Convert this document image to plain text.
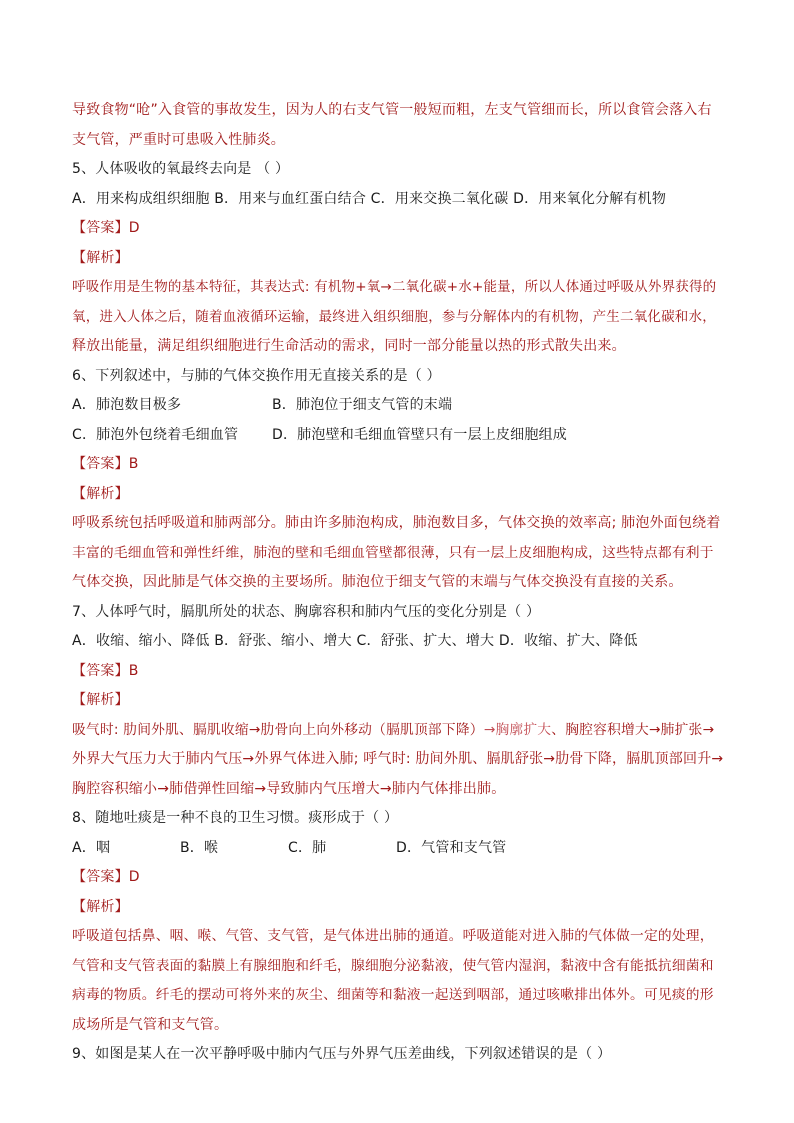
导致食物“呛”入食管的事故发生，因为人的右支气管一般短而粗，左支气管细而长，所以食管会落入右
支气管，严重时可患吸入性肺炎。
5、人体吸收的氧最终去向是 （ ）
A．用来构成组织细胞 B．用来与血红蛋白结合 C．用来交换二氧化碳 D．用来氧化分解有机物
【答案】D
【解析】
呼吸作用是生物的基本特征，其表达式: 有机物+氧→二氧化碳+水+能量，所以人体通过呼吸从外界获得的
氧，进入人体之后，随着血液循环运输，最终进入组织细胞，参与分解体内的有机物，产生二氧化碳和水，
释放出能量，满足组织细胞进行生命活动的需求，同时一部分能量以热的形式散失出来。
6、下列叙述中，与肺的气体交换作用无直接关系的是（ ）
A．肺泡数目极多	B．肺泡位于细支气管的末端
C．肺泡外包绕着毛细血管	D．肺泡壁和毛细血管壁只有一层上皮细胞组成
【答案】B
【解析】
呼吸系统包括呼吸道和肺两部分。肺由许多肺泡构成，肺泡数目多，气体交换的效率高; 肺泡外面包绕着
丰富的毛细血管和弹性纤维，肺泡的壁和毛细血管壁都很薄，只有一层上皮细胞构成，这些特点都有利于
气体交换，因此肺是气体交换的主要场所。肺泡位于细支气管的末端与气体交换没有直接的关系。
7、人体呼气时，膈肌所处的状态、胸廓容积和肺内气压的变化分别是（ ）
A．收缩、缩小、降低 B．舒张、缩小、增大 C．舒张、扩大、增大 D．收缩、扩大、降低
【答案】B
【解析】
吸气时: 肋间外肌、膈肌收缩→肋骨向上向外移动（膈肌顶部下降）→胸廓扩大、胸腔容积增大→肺扩张→
外界大气压力大于肺内气压→外界气体进入肺; 呼气时: 肋间外肌、膈肌舒张→肋骨下降，膈肌顶部回升→
胸腔容积缩小→肺借弹性回缩→导致肺内气压增大→肺内气体排出肺。
8、随地吐痰是一种不良的卫生习惯。痰形成于（ ）
A．咽	B．喉	C．肺	D．气管和支气管
【答案】D
【解析】
呼吸道包括鼻、咽、喉、气管、支气管，是气体进出肺的通道。呼吸道能对进入肺的气体做一定的处理，
气管和支气管表面的黏膜上有腺细胞和纤毛，腺细胞分泌黏液，使气管内湿润，黏液中含有能抵抗细菌和
病毒的物质。纤毛的摆动可将外来的灰尘、细菌等和黏液一起送到咽部，通过咳嗽排出体外。可见痰的形
成场所是气管和支气管。
9、如图是某人在一次平静呼吸中肺内气压与外界气压差曲线，下列叙述错误的是（ ）
